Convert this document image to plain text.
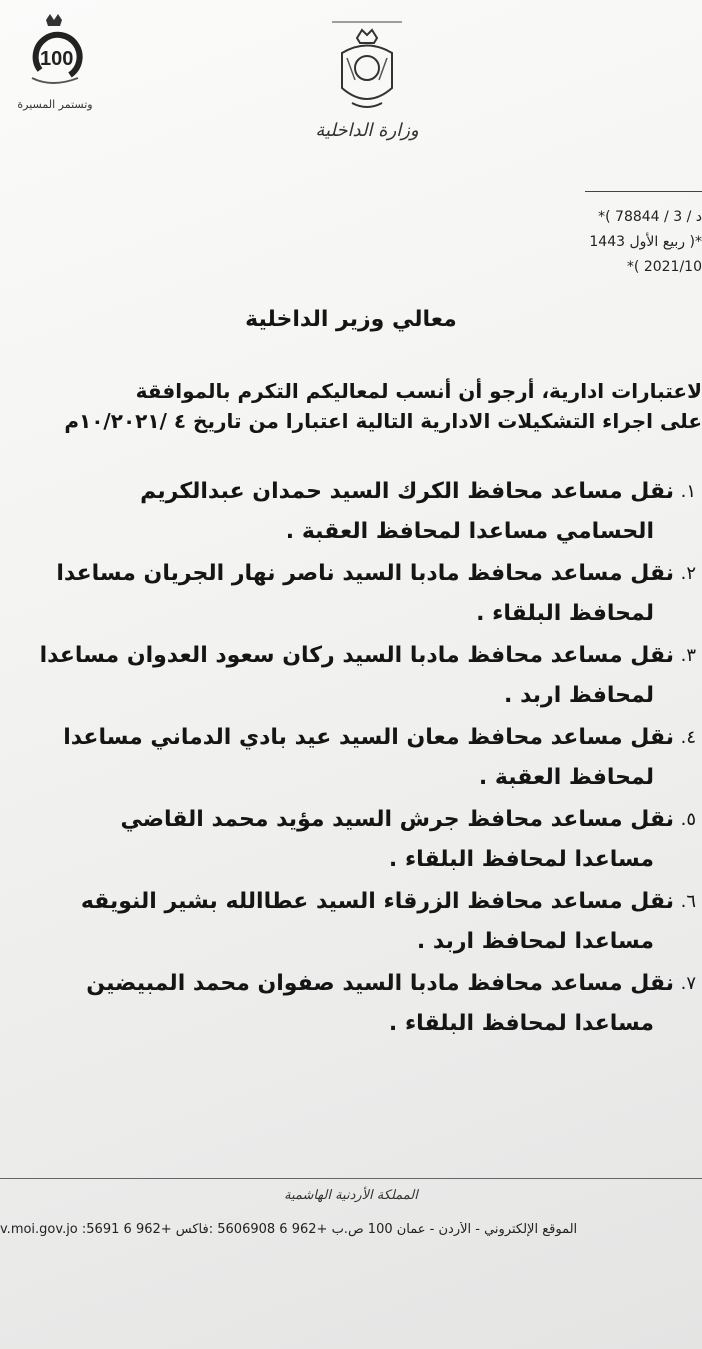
100
وتستمر المسيرة
وزارة الداخلية
*( 78844 / د / 3
ربيع الأول 1443 )*
*( 2021/10
معالي وزير الداخلية
لاعتبارات ادارية، أرجو أن أنسب لمعاليكم التكرم بالموافقة
على اجراء التشكيلات الادارية التالية اعتبارا من تاريخ ٤ /١٠/٢٠٢١م
١.
نقل مساعد محافظ الكرك السيد حمدان عبدالكريم
الحسامي مساعدا لمحافظ العقبة .
٢.
نقل مساعد محافظ مادبا السيد ناصر نهار الجريان مساعدا
لمحافظ البلقاء .
٣.
نقل مساعد محافظ مادبا السيد ركان سعود العدوان مساعدا
لمحافظ اربد .
٤.
نقل مساعد محافظ معان السيد عيد بادي الدماني مساعدا
لمحافظ العقبة .
٥.
نقل مساعد محافظ جرش السيد مؤيد محمد القاضي
مساعدا لمحافظ البلقاء .
٦.
نقل مساعد محافظ الزرقاء السيد عطاالله بشير النويقه
مساعدا لمحافظ اربد .
٧.
نقل مساعد محافظ مادبا السيد صفوان محمد المبيضين
مساعدا لمحافظ البلقاء .
المملكة الأردنية الهاشمية
v.moi.gov.jo :الموقع الإلكتروني - الأردن - عمان 100 ص.ب +962 6 5606908 :فاكس +962 6 5691
